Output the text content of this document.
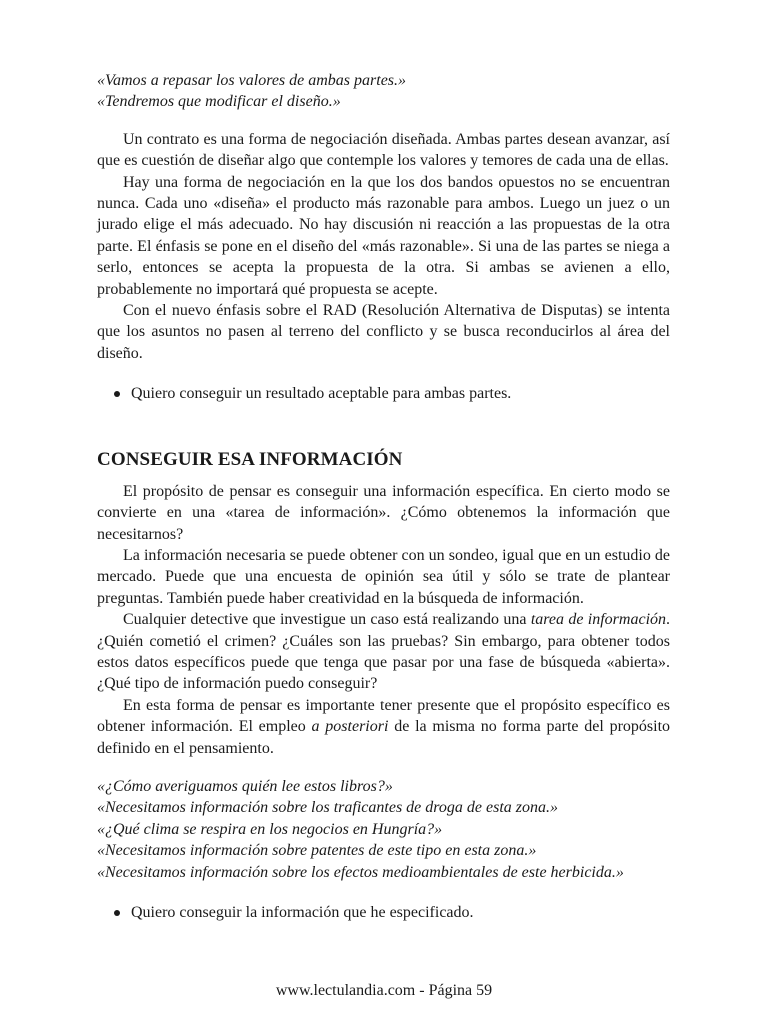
«Vamos a repasar los valores de ambas partes.»

«Tendremos que modificar el diseño.»

Un contrato es una forma de negociación diseñada. Ambas partes desean avanzar, así que es cuestión de diseñar algo que contemple los valores y temores de cada una de ellas.

Hay una forma de negociación en la que los dos bandos opuestos no se encuentran nunca. Cada uno «diseña» el producto más razonable para ambos. Luego un juez o un jurado elige el más adecuado. No hay discusión ni reacción a las propuestas de la otra parte. El énfasis se pone en el diseño del «más razonable». Si una de las partes se niega a serlo, entonces se acepta la propuesta de la otra. Si ambas se avienen a ello, probablemente no importará qué propuesta se acepte.

Con el nuevo énfasis sobre el RAD (Resolución Alternativa de Disputas) se intenta que los asuntos no pasen al terreno del conflicto y se busca reconducirlos al área del diseño.

Quiero conseguir un resultado aceptable para ambas partes.
CONSEGUIR ESA INFORMACIÓN

El propósito de pensar es conseguir una información específica. En cierto modo se convierte en una «tarea de información». ¿Cómo obtenemos la información que necesitarnos?

La información necesaria se puede obtener con un sondeo, igual que en un estudio de mercado. Puede que una encuesta de opinión sea útil y sólo se trate de plantear preguntas. También puede haber creatividad en la búsqueda de información.

Cualquier detective que investigue un caso está realizando una tarea de información. ¿Quién cometió el crimen? ¿Cuáles son las pruebas? Sin embargo, para obtener todos estos datos específicos puede que tenga que pasar por una fase de búsqueda «abierta». ¿Qué tipo de información puedo conseguir?

En esta forma de pensar es importante tener presente que el propósito específico es obtener información. El empleo a posteriori de la misma no forma parte del propósito definido en el pensamiento.

«¿Cómo averiguamos quién lee estos libros?»

«Necesitamos información sobre los traficantes de droga de esta zona.»

«¿Qué clima se respira en los negocios en Hungría?»

«Necesitamos información sobre patentes de este tipo en esta zona.»

«Necesitamos información sobre los efectos medioambientales de este herbicida.»

Quiero conseguir la información que he especificado.
www.lectulandia.com - Página 59
